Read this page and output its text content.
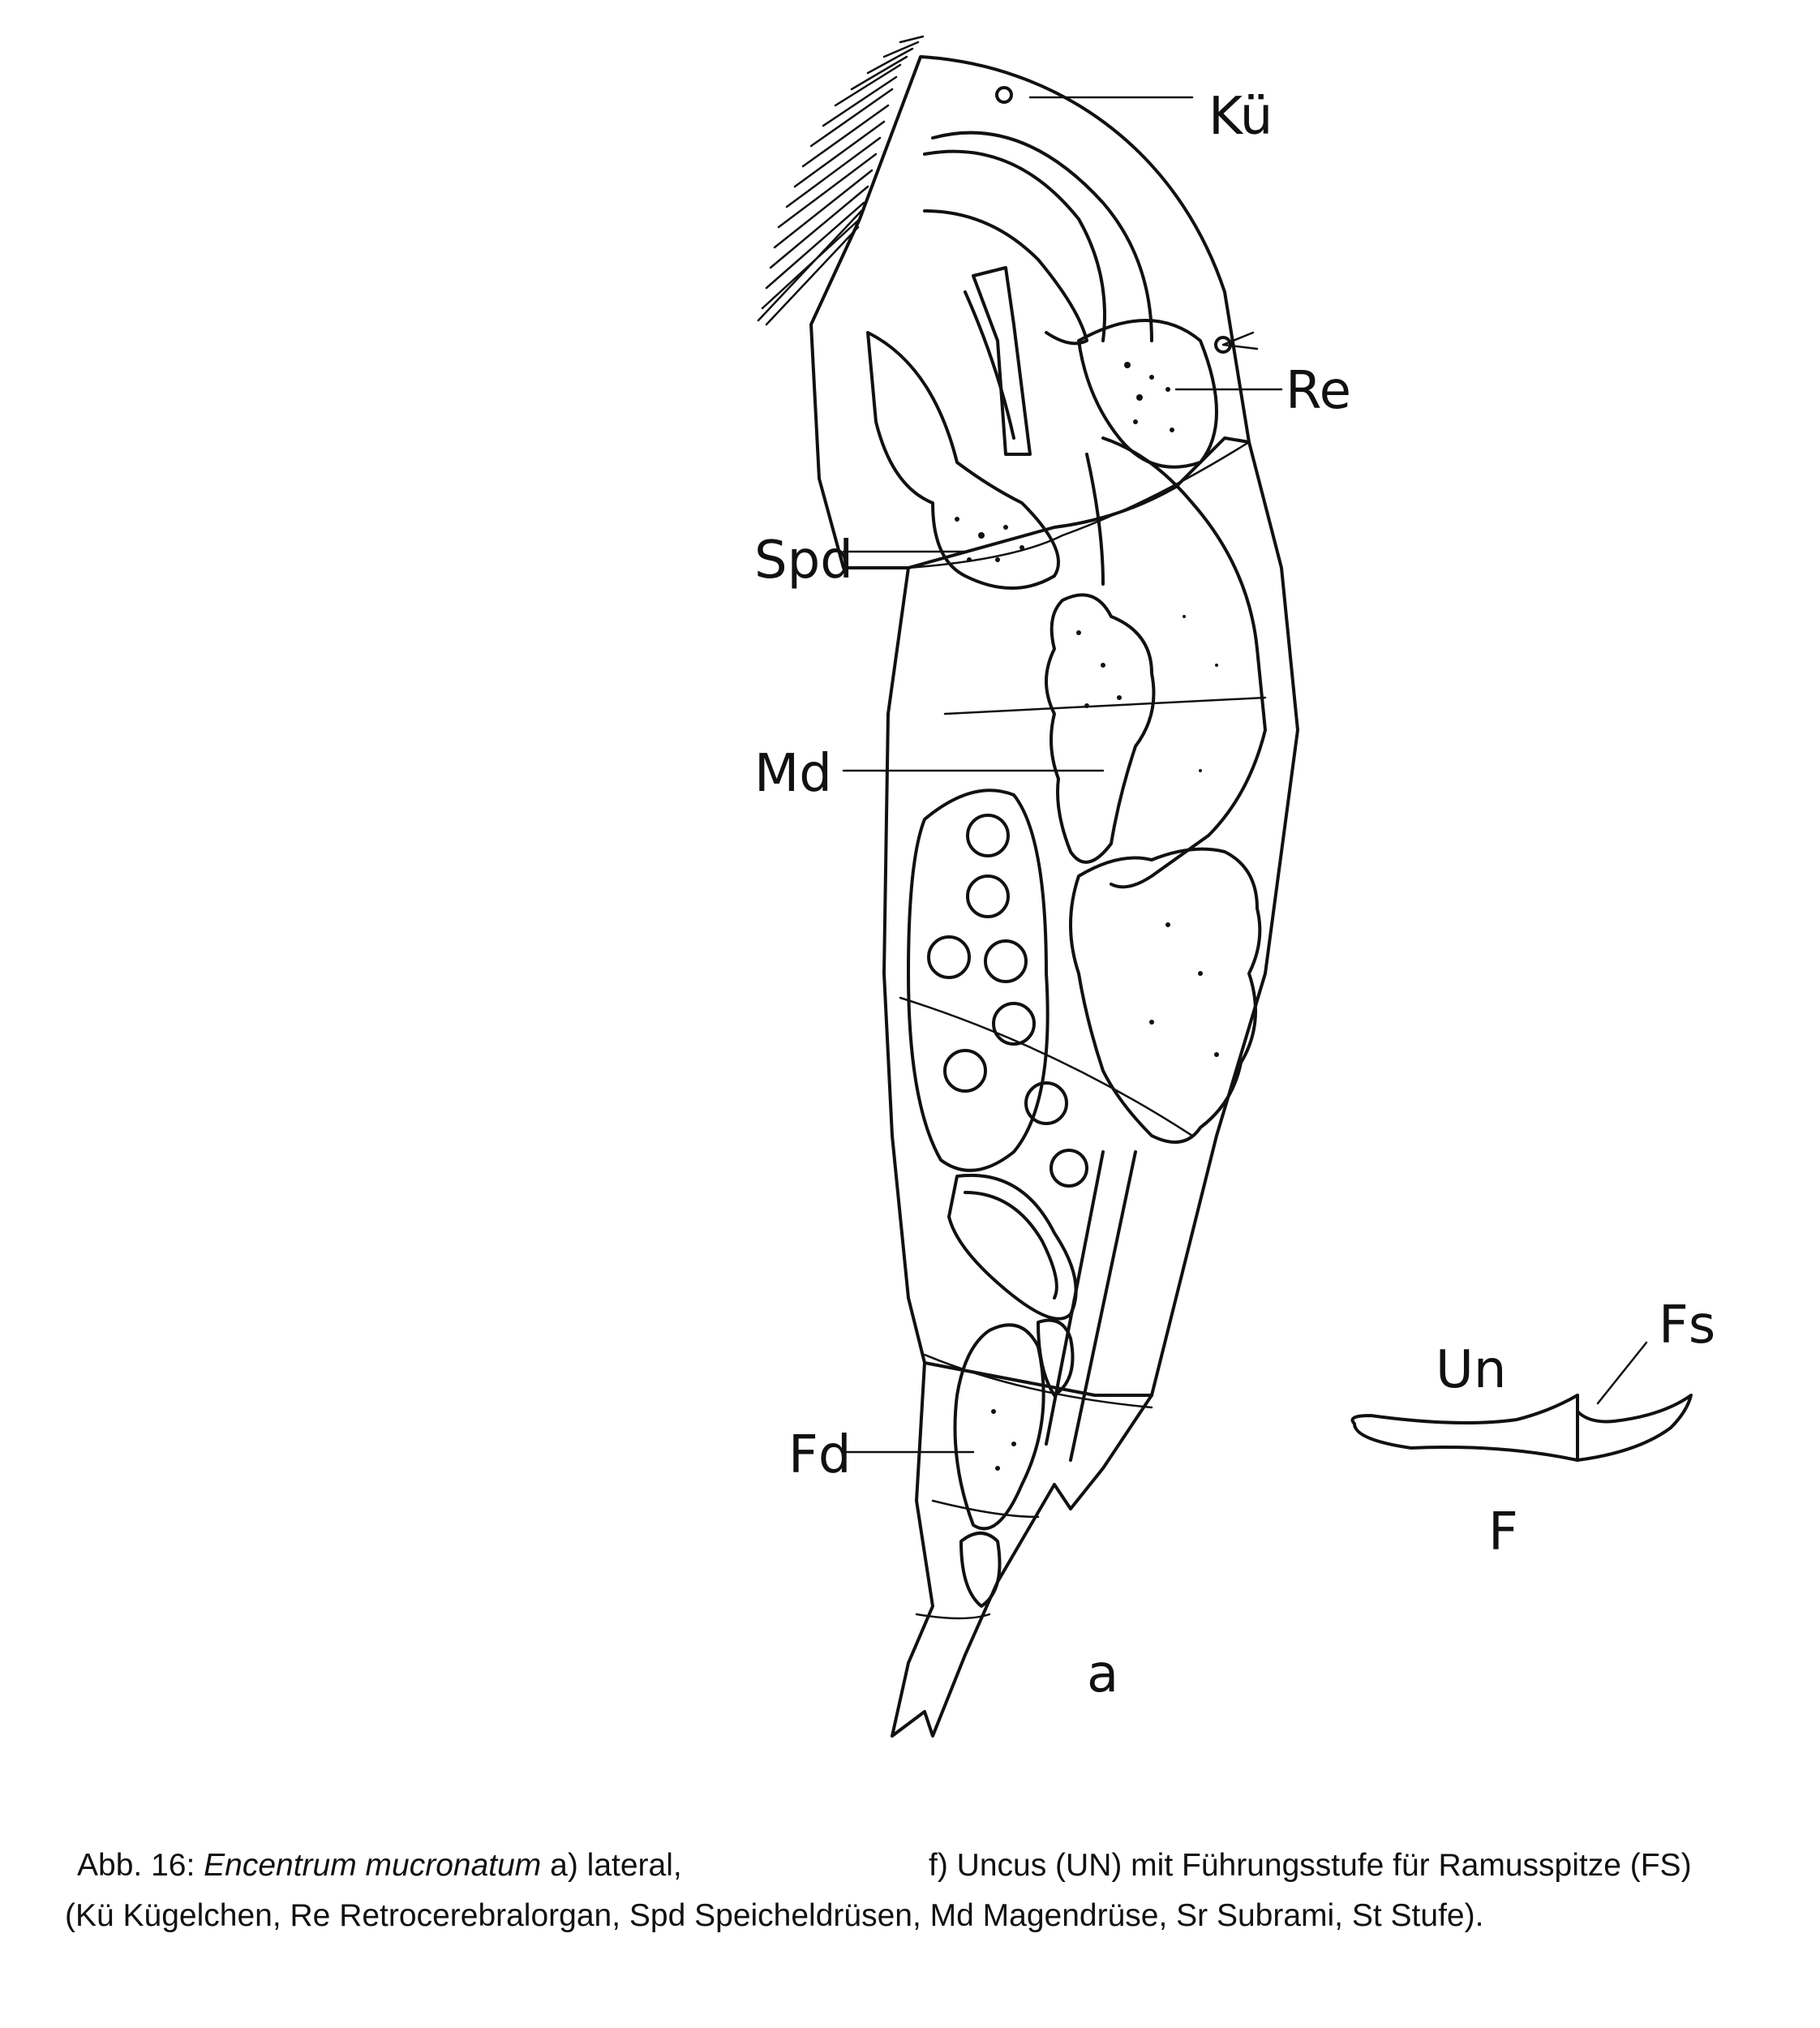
Kü
Re
Spd
Md
Fd
Un
Fs
a
F
Abb. 16: Encentrum mucronatum a) lateral,	f) Uncus (UN) mit Führungsstufe für Ramusspitze (FS)
(Kü Kügelchen, Re Retrocerebralorgan, Spd Speicheldrüsen, Md Magendrüse, Sr Subrami, St Stufe).
